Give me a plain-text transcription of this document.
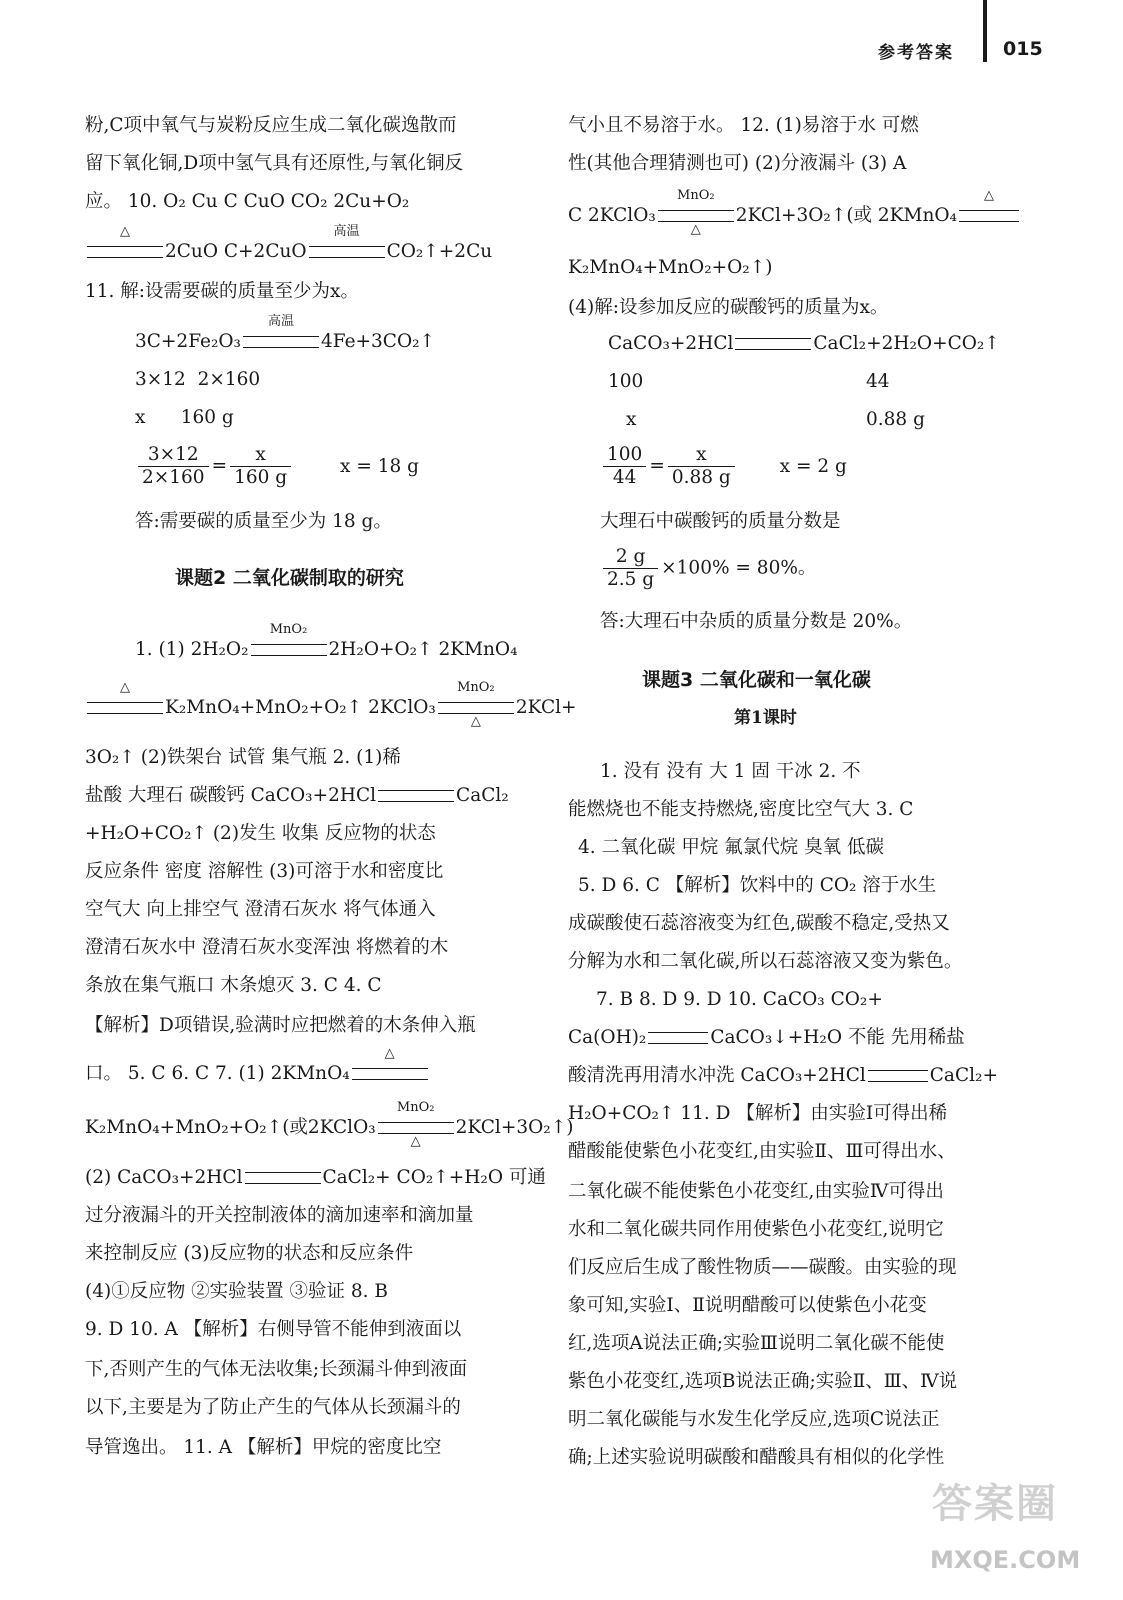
参考答案	015
粉,C项中氧气与炭粉反应生成二氧化碳逸散而
留下氧化铜,D项中氢气具有还原性,与氧化铜反
应。 10. O₂ Cu C CuO CO₂ 2Cu+O₂
△
2CuO C+2CuO
高温
CO₂↑+2Cu
11. 解:设需要碳的质量至少为x。
3C+2Fe₂O₃
高温
4Fe+3CO₂↑
3×12  2×160
x      160 g
$\frac{3\times 12}{2\times 160} = \frac{x}{160 g}$	x = 18 g
答:需要碳的质量至少为 18 g。
课题2 二氧化碳制取的研究
1. (1) 2H₂O₂
MnO₂
2H₂O+O₂↑ 2KMnO₄
△
K₂MnO₄+MnO₂+O₂↑ 2KClO₃
MnO₂
△
2KCl+
3O₂↑ (2)铁架台 试管 集气瓶 2. (1)稀
盐酸 大理石 碳酸钙 CaCO₃+2HCl	CaCl₂
+H₂O+CO₂↑ (2)发生 收集 反应物的状态
反应条件 密度 溶解性 (3)可溶于水和密度比
空气大 向上排空气 澄清石灰水 将气体通入
澄清石灰水中 澄清石灰水变浑浊 将燃着的木
条放在集气瓶口 木条熄灭 3. C 4. C
【解析】D项错误,验满时应把燃着的木条伸入瓶
口。 5. C 6. C 7. (1) 2KMnO₄
△
K₂MnO₄+MnO₂+O₂↑(或2KClO₃
MnO₂
△
2KCl+3O₂↑)
(2) CaCO₃+2HCl	CaCl₂+ CO₂↑+H₂O 可通
过分液漏斗的开关控制液体的滴加速率和滴加量
来控制反应 (3)反应物的状态和反应条件
(4)①反应物 ②实验装置 ③验证 8. B
9. D 10. A 【解析】右侧导管不能伸到液面以
下,否则产生的气体无法收集;长颈漏斗伸到液面
以下,主要是为了防止产生的气体从长颈漏斗的
导管逸出。 11. A 【解析】甲烷的密度比空
气小且不易溶于水。 12. (1)易溶于水 可燃
性(其他合理猜测也可) (2)分液漏斗 (3) A
C 2KClO₃
MnO₂
△
2KCl+3O₂↑(或 2KMnO₄
△
K₂MnO₄+MnO₂+O₂↑)
(4)解:设参加反应的碳酸钙的质量为x。
CaCO₃+2HCl	CaCl₂+2H₂O+CO₂↑
100	44
x	0.88 g
$\frac{100}{44} = \frac{x}{0.88 g}$ x = 2 g
大理石中碳酸钙的质量分数是
$\frac{2 g}{2.5 g} \times 100\% = 80\%$。
答:大理石中杂质的质量分数是 20%。
课题3 二氧化碳和一氧化碳
第1课时
1. 没有 没有 大 1 固 干冰 2. 不
能燃烧也不能支持燃烧,密度比空气大 3. C
4. 二氧化碳 甲烷 氟氯代烷 臭氧 低碳
5. D 6. C 【解析】饮料中的 CO₂ 溶于水生
成碳酸使石蕊溶液变为红色,碳酸不稳定,受热又
分解为水和二氧化碳,所以石蕊溶液又变为紫色。
7. B 8. D 9. D 10. CaCO₃ CO₂+
Ca(OH)₂	CaCO₃↓+H₂O 不能 先用稀盐
酸清洗再用清水冲洗 CaCO₃+2HCl	CaCl₂+
H₂O+CO₂↑ 11. D 【解析】由实验Ⅰ可得出稀
醋酸能使紫色小花变红,由实验Ⅱ、Ⅲ可得出水、
二氧化碳不能使紫色小花变红,由实验Ⅳ可得出
水和二氧化碳共同作用使紫色小花变红,说明它
们反应后生成了酸性物质——碳酸。由实验的现
象可知,实验Ⅰ、Ⅱ说明醋酸可以使紫色小花变
红,选项A说法正确;实验Ⅲ说明二氧化碳不能使
紫色小花变红,选项B说法正确;实验Ⅱ、Ⅲ、Ⅳ说
明二氧化碳能与水发生化学反应,选项C说法正
确;上述实验说明碳酸和醋酸具有相似的化学性
答案圈
MXQE.COM
